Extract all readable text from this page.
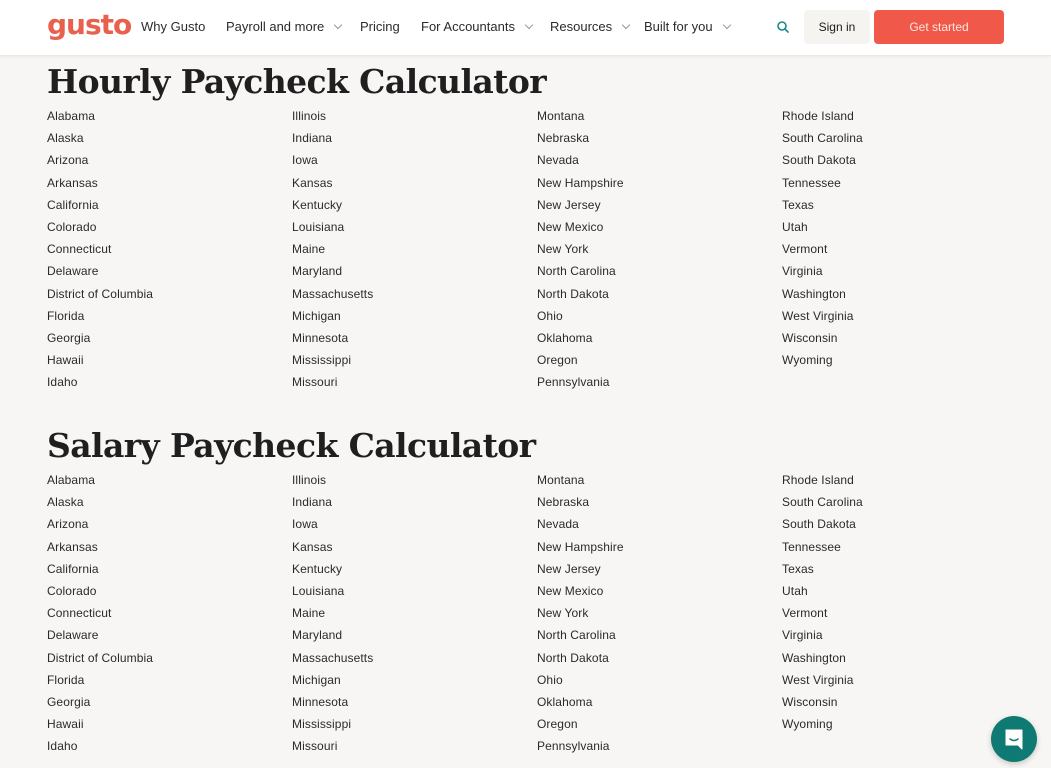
gusto Why Gusto Payroll and more	Pricing For Accountants	Resources Built for you	Sign in	Get started
Hourly Paycheck Calculator
Alabama
Alaska
Arizona
Arkansas
California
Colorado
Connecticut
Delaware
District of Columbia
Florida
Georgia
Hawaii
Idaho
Illinois
Indiana
Iowa
Kansas
Kentucky
Louisiana
Maine
Maryland
Massachusetts
Michigan
Minnesota
Mississippi
Missouri
Montana
Nebraska
Nevada
New Hampshire
New Jersey
New Mexico
New York
North Carolina
North Dakota
Ohio
Oklahoma
Oregon
Pennsylvania
Rhode Island
South Carolina
South Dakota
Tennessee
Texas
Utah
Vermont
Virginia
Washington
West Virginia
Wisconsin
Wyoming
Salary Paycheck Calculator
Alabama
Alaska
Arizona
Arkansas
California
Colorado
Connecticut
Delaware
District of Columbia
Florida
Georgia
Hawaii
Idaho
Illinois
Indiana
Iowa
Kansas
Kentucky
Louisiana
Maine
Maryland
Massachusetts
Michigan
Minnesota
Mississippi
Missouri
Montana
Nebraska
Nevada
New Hampshire
New Jersey
New Mexico
New York
North Carolina
North Dakota
Ohio
Oklahoma
Oregon
Pennsylvania
Rhode Island
South Carolina
South Dakota
Tennessee
Texas
Utah
Vermont
Virginia
Washington
West Virginia
Wisconsin
Wyoming
